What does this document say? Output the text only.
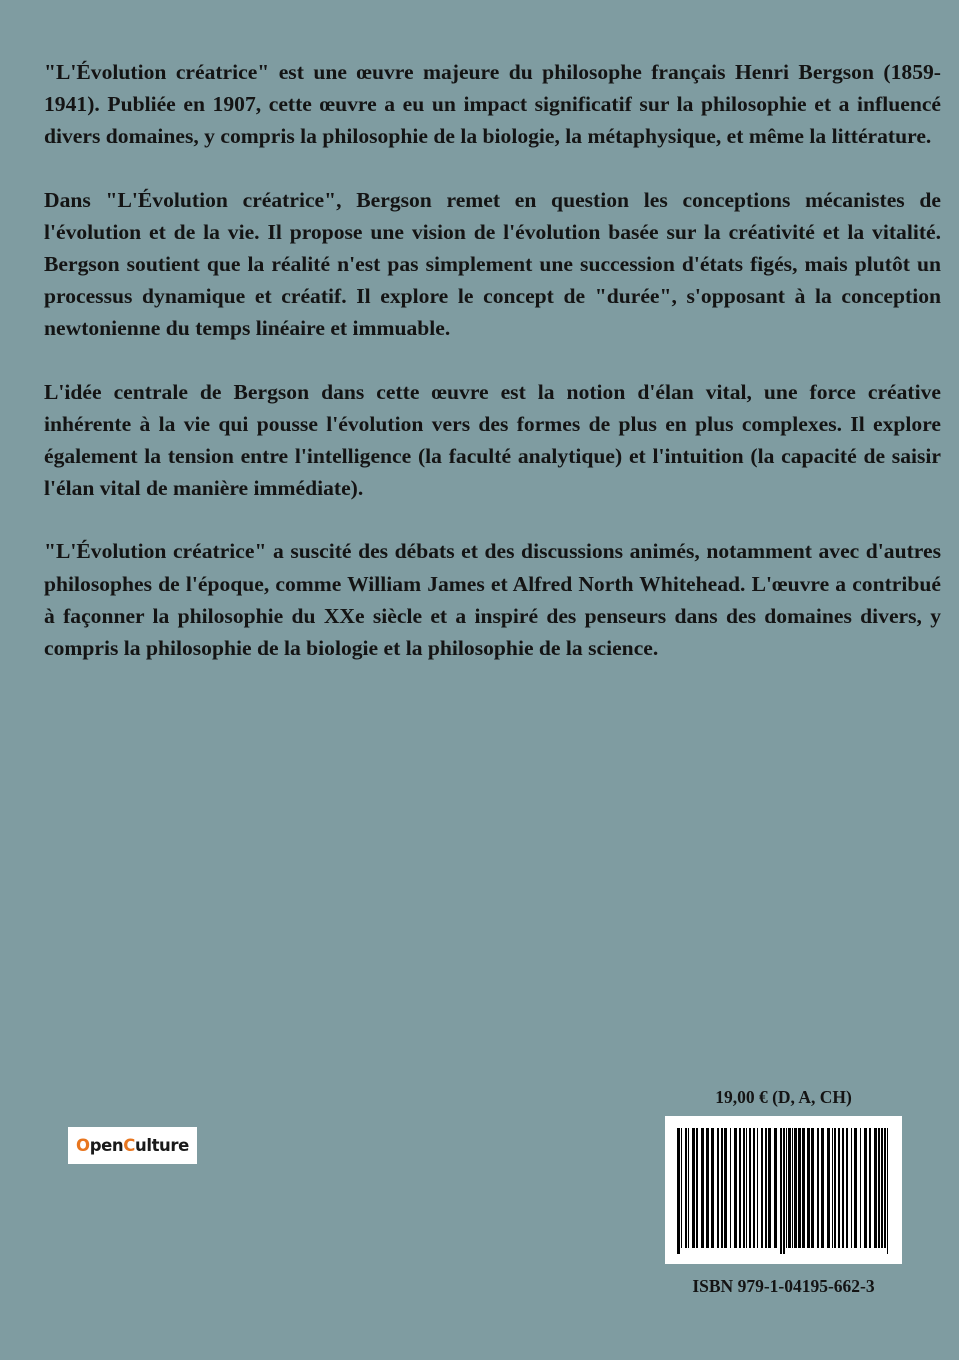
"L'Évolution créatrice" est une œuvre majeure du philosophe français Henri Bergson (1859-1941). Publiée en 1907, cette œuvre a eu un impact significatif sur la philosophie et a influencé divers domaines, y compris la philosophie de la biologie, la métaphysique, et même la littérature.

Dans "L'Évolution créatrice", Bergson remet en question les conceptions mécanistes de l'évolution et de la vie. Il propose une vision de l'évolution basée sur la créativité et la vitalité. Bergson soutient que la réalité n'est pas simplement une succession d'états figés, mais plutôt un processus dynamique et créatif. Il explore le concept de "durée", s'opposant à la conception newtonienne du temps linéaire et immuable.

L'idée centrale de Bergson dans cette œuvre est la notion d'élan vital, une force créative inhérente à la vie qui pousse l'évolution vers des formes de plus en plus complexes. Il explore également la tension entre l'intelligence (la faculté analytique) et l'intuition (la capacité de saisir l'élan vital de manière immédiate).

"L'Évolution créatrice" a suscité des débats et des discussions animés, notamment avec d'autres philosophes de l'époque, comme William James et Alfred North Whitehead. L'œuvre a contribué à façonner la philosophie du XXe siècle et a inspiré des penseurs dans des domaines divers, y compris la philosophie de la biologie et la philosophie de la science.

O pen C ulture
19,00 € (D, A, CH)
ISBN 979-1-04195-662-3
